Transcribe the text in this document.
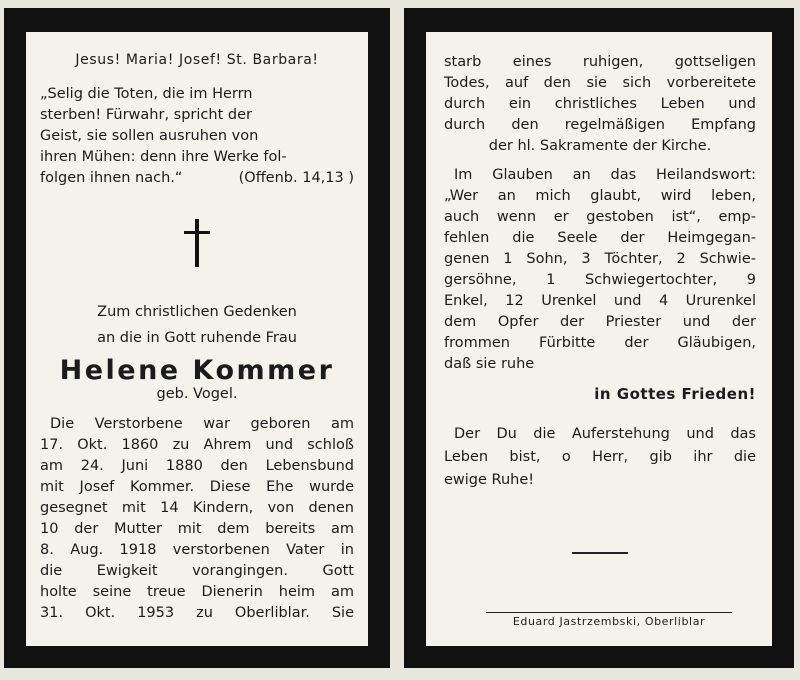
Jesus! Maria! Josef! St. Barbara!

„Selig die Toten, die im Herrn

sterben! Fürwahr, spricht der

Geist, sie sollen ausruhen von

ihren Mühen: denn ihre Werke fol-

folgen ihnen nach.“	(Offenb. 14,13 )

Zum christlichen Gedenken

an die in Gott ruhende Frau

Helene Kommer

geb. Vogel.

Die Verstorbene war geboren am

17. Okt. 1860 zu Ahrem und schloß

am 24. Juni 1880 den Lebensbund

mit Josef Kommer. Diese Ehe wurde

gesegnet mit 14 Kindern, von denen

10 der Mutter mit dem bereits am

8. Aug. 1918 verstorbenen Vater in

die Ewigkeit vorangingen. Gott

holte seine treue Dienerin heim am

31. Okt. 1953 zu Oberliblar. Sie

starb eines ruhigen, gottseligen

Todes, auf den sie sich vorbereitete

durch ein christliches Leben und

durch den regelmäßigen Empfang

der hl. Sakramente der Kirche.

Im Glauben an das Heilandswort:

„Wer an mich glaubt, wird leben,

auch wenn er gestoben ist“, emp-

fehlen die Seele der Heimgegan-

genen 1 Sohn, 3 Töchter, 2 Schwie-

gersöhne, 1 Schwiegertochter, 9

Enkel, 12 Urenkel und 4 Ururenkel

dem Opfer der Priester und der

frommen Fürbitte der Gläubigen,

daß sie ruhe

in Gottes Frieden!

Der Du die Auferstehung und das

Leben bist, o Herr, gib ihr die

ewige Ruhe!

Eduard Jastrzembski, Oberliblar
